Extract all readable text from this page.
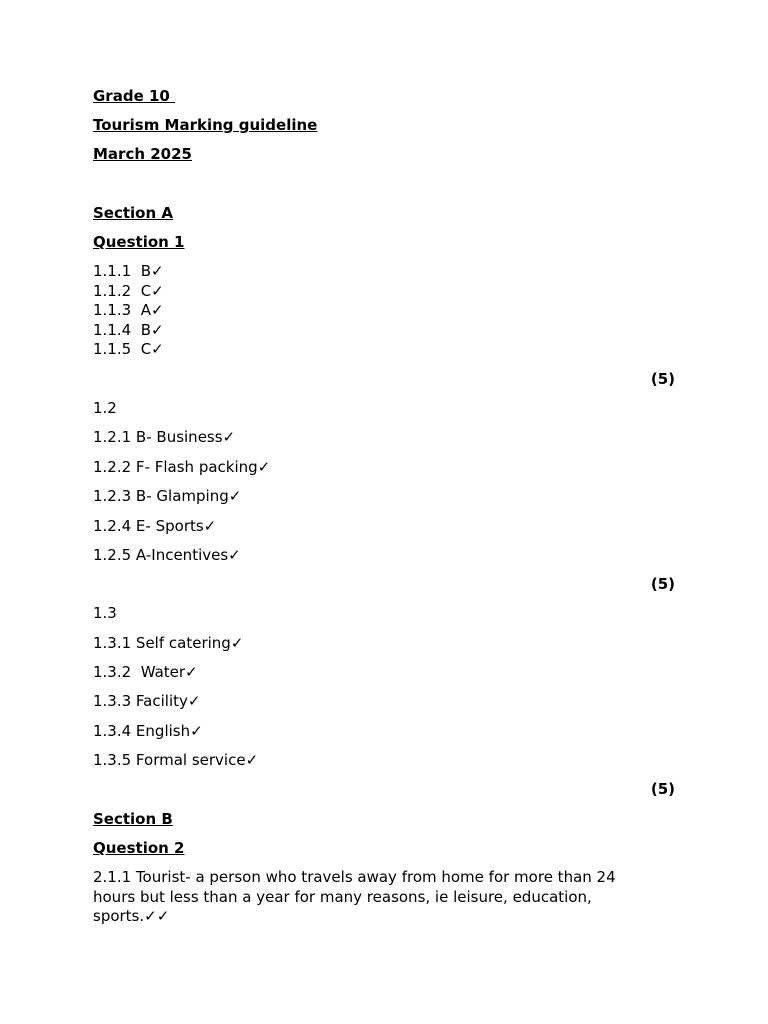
Grade 10
Tourism Marking guideline
March 2025
Section A
Question 1
1.1.1  B✓
1.1.2  C✓
1.1.3  A✓
1.1.4  B✓
1.1.5  C✓
(5)
1.2
1.2.1 B- Business✓
1.2.2 F- Flash packing✓
1.2.3 B- Glamping✓
1.2.4 E- Sports✓
1.2.5 A-Incentives✓
(5)
1.3
1.3.1 Self catering✓
1.3.2  Water✓
1.3.3 Facility✓
1.3.4 English✓
1.3.5 Formal service✓
(5)
Section B
Question 2
2.1.1 Tourist- a person who travels away from home for more than 24 hours but less than a year for many reasons, ie leisure, education, sports.✓✓
